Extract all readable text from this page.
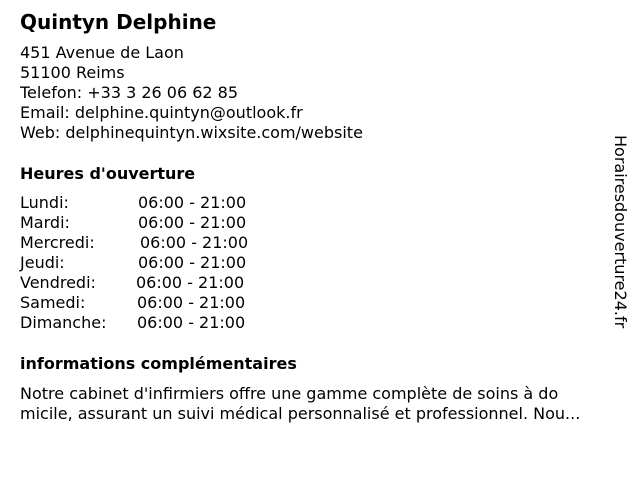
Quintyn Delphine
451 Avenue de Laon
51100 Reims
Telefon: +33 3 26 06 62 85
Email: delphine.quintyn@outlook.fr
Web: delphinequintyn.wixsite.com/website
Heures d'ouverture
Lundi:	06:00 - 21:00
Mardi:	06:00 - 21:00
Mercredi:	06:00 - 21:00
Jeudi:	06:00 - 21:00
Vendredi:	06:00 - 21:00
Samedi:	06:00 - 21:00
Dimanche:	06:00 - 21:00
informations complémentaires
Notre cabinet d'infirmiers offre une gamme complète de soins à do
micile, assurant un suivi médical personnalisé et professionnel. Nou...
Horairesdouverture24.fr
